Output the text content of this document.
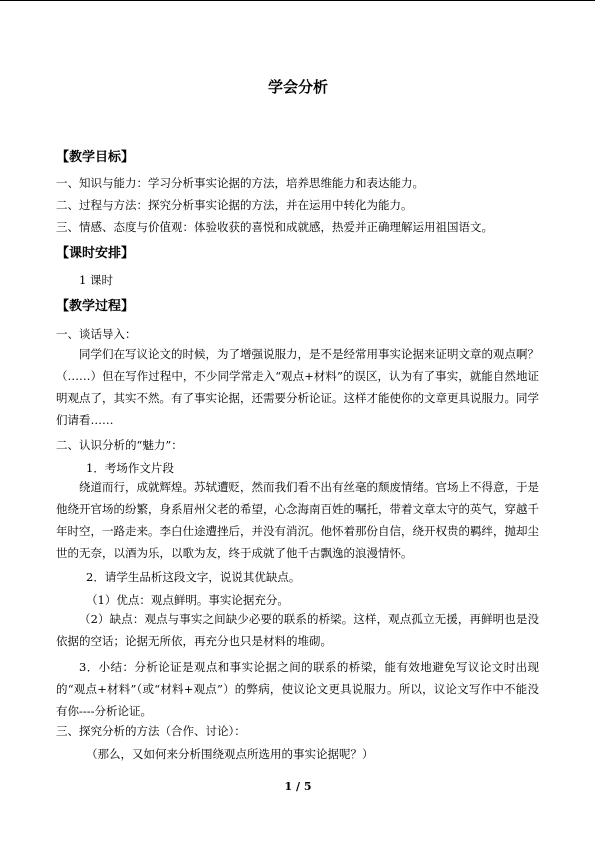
学会分析
【教学目标】
一、知识与能力：学习分析事实论据的方法，培养思维能力和表达能力。
二、过程与方法：探究分析事实论据的方法，并在运用中转化为能力。
三、情感、态度与价值观：体验收获的喜悦和成就感，热爱并正确理解运用祖国语文。
【课时安排】
1 课时
【教学过程】
一、谈话导入：
同学们在写议论文的时候，为了增强说服力，是不是经常用事实论据来证明文章的观点啊？（……）但在写作过程中，不少同学常走入“观点+材料”的误区，认为有了事实，就能自然地证明观点了，其实不然。有了事实论据，还需要分析论证。这样才能使你的文章更具说服力。同学们请看……
二、认识分析的“魅力”：
1．考场作文片段
绕道而行，成就辉煌。苏轼遭贬，然而我们看不出有丝毫的颓废情绪。官场上不得意，于是他绕开官场的纷繁，身系眉州父老的希望，心念海南百姓的嘱托，带着文章太守的英气，穿越千年时空，一路走来。李白仕途遭挫后，并没有消沉。他怀着那份自信，绕开权贵的羁绊，抛却尘世的无奈，以酒为乐，以歌为友，终于成就了他千古飘逸的浪漫情怀。
2．请学生品析这段文字，说说其优缺点。
（1）优点：观点鲜明。事实论据充分。
（2）缺点：观点与事实之间缺少必要的联系的桥梁。这样，观点孤立无援，再鲜明也是没依据的空话；论据无所依，再充分也只是材料的堆砌。
3．小结：分析论证是观点和事实论据之间的联系的桥梁，能有效地避免写议论文时出现的“观点+材料”（或“材料+观点”）的弊病，使议论文更具说服力。所以，议论文写作中不能没有你----分析论证。
三、探究分析的方法（合作、讨论）：
（那么，又如何来分析围绕观点所选用的事实论据呢？）
1 / 5
